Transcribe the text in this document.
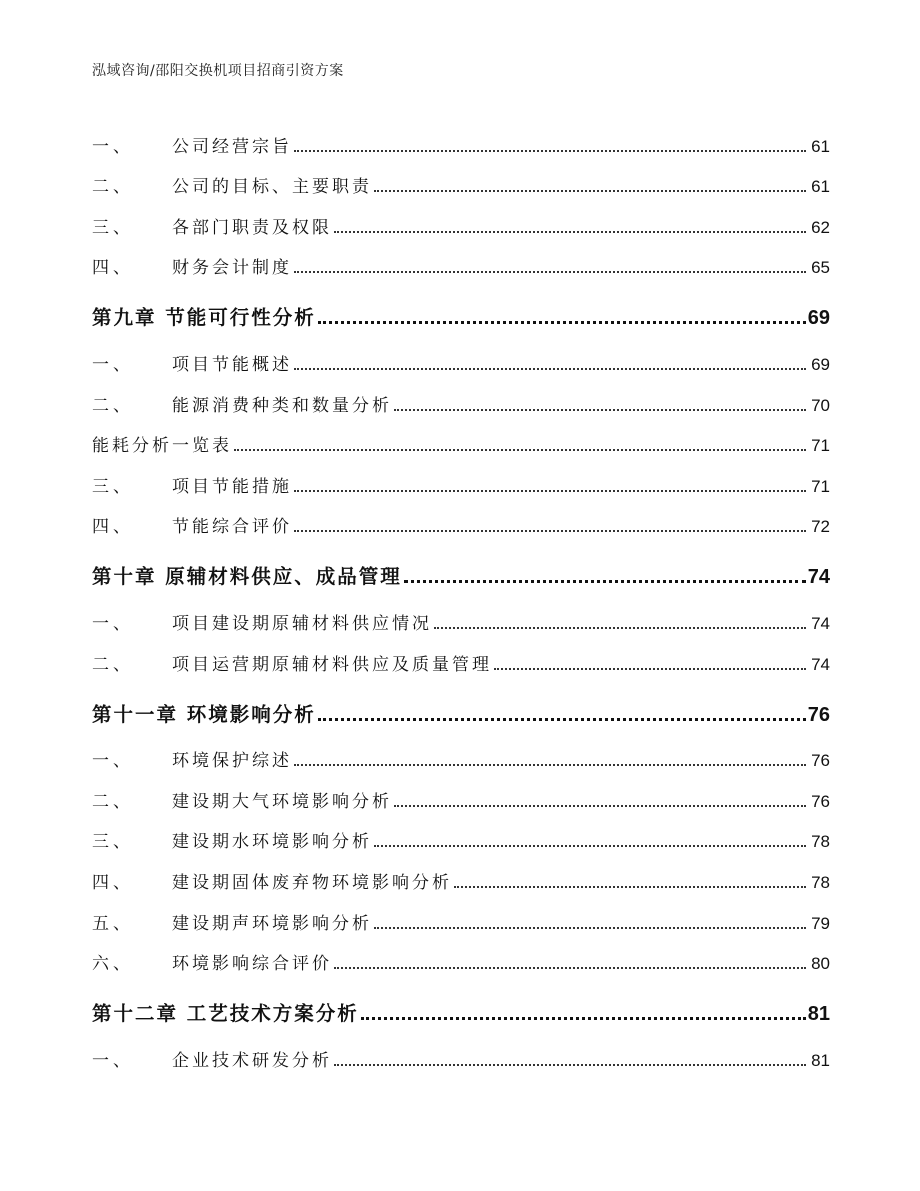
泓域咨询/邵阳交换机项目招商引资方案
一、	公司经营宗旨	61
二、	公司的目标、主要职责	61
三、	各部门职责及权限	62
四、	财务会计制度	65
第九章 节能可行性分析	69
一、	项目节能概述	69
二、	能源消费种类和数量分析	70
能耗分析一览表	71
三、	项目节能措施	71
四、	节能综合评价	72
第十章 原辅材料供应、成品管理	74
一、	项目建设期原辅材料供应情况	74
二、	项目运营期原辅材料供应及质量管理	74
第十一章 环境影响分析	76
一、	环境保护综述	76
二、	建设期大气环境影响分析	76
三、	建设期水环境影响分析	78
四、	建设期固体废弃物环境影响分析	78
五、	建设期声环境影响分析	79
六、	环境影响综合评价	80
第十二章 工艺技术方案分析	81
一、	企业技术研发分析	81
